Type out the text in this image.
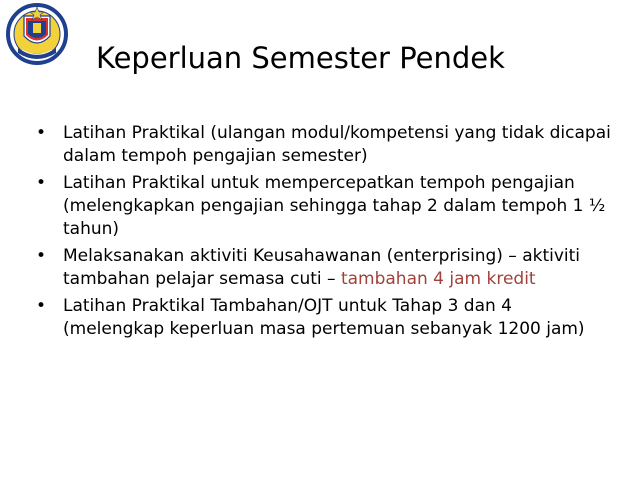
Keperluan Semester Pendek
• Latihan Praktikal (ulangan modul/kompetensi yang tidak dicapai dalam tempoh pengajian semester)
• Latihan Praktikal untuk mempercepatkan tempoh pengajian (melengkapkan pengajian sehingga tahap 2 dalam tempoh 1 ½ tahun)
• Melaksanakan aktiviti Keusahawanan (enterprising) – aktiviti tambahan pelajar semasa cuti – tambahan 4 jam kredit
• Latihan Praktikal Tambahan/OJT untuk Tahap 3 dan 4 (melengkap keperluan masa pertemuan sebanyak 1200 jam)
